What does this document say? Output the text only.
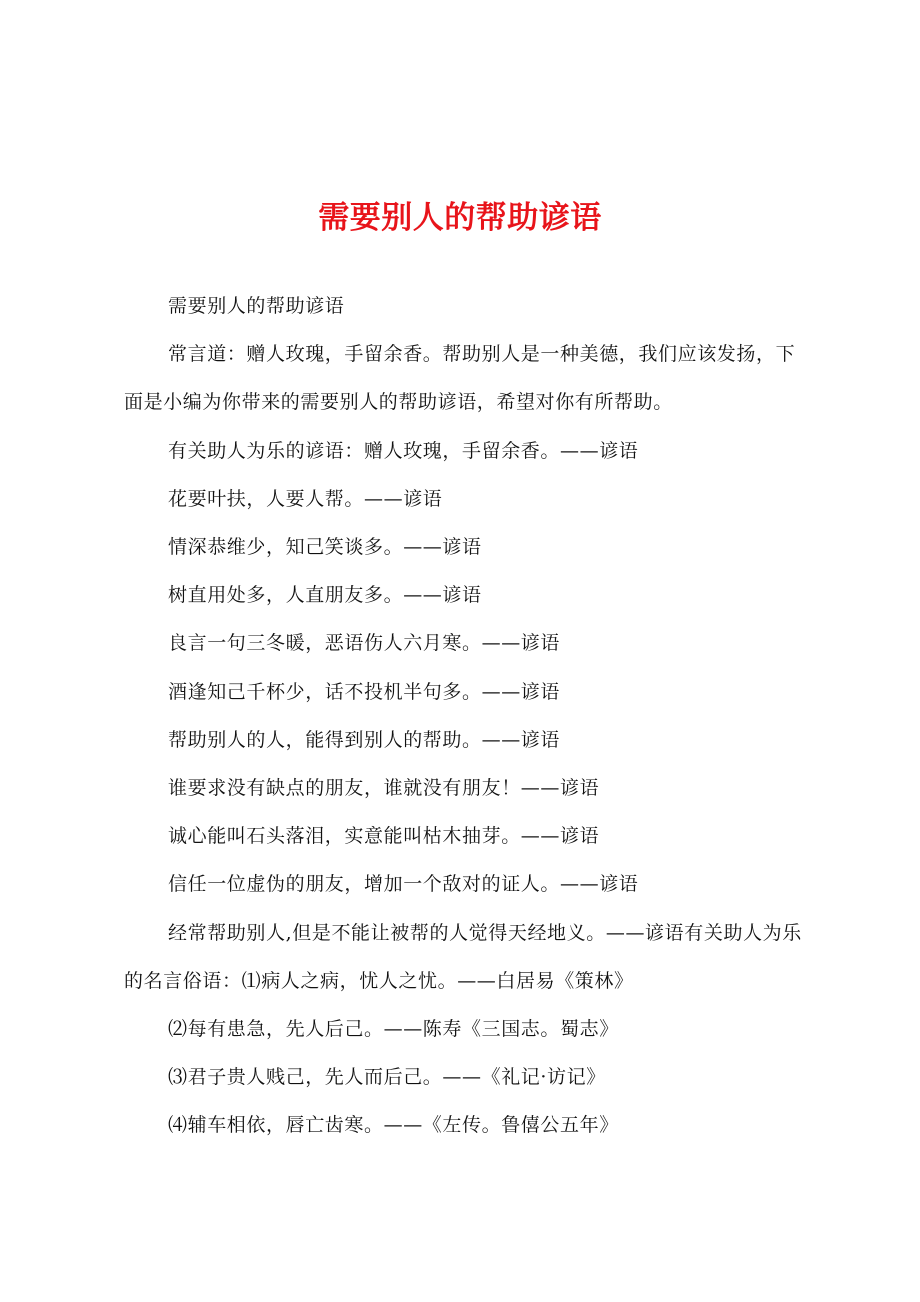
需要别人的帮助谚语

需要别人的帮助谚语

常言道：赠人玫瑰，手留余香。帮助别人是一种美德，我们应该发扬，下面是小编为你带来的需要别人的帮助谚语，希望对你有所帮助。

有关助人为乐的谚语：赠人玫瑰，手留余香。——谚语

花要叶扶，人要人帮。——谚语

情深恭维少，知己笑谈多。——谚语

树直用处多，人直朋友多。——谚语

良言一句三冬暖，恶语伤人六月寒。——谚语

酒逢知己千杯少，话不投机半句多。——谚语

帮助别人的人，能得到别人的帮助。——谚语

谁要求没有缺点的朋友，谁就没有朋友！——谚语

诚心能叫石头落泪，实意能叫枯木抽芽。——谚语

信任一位虚伪的朋友，增加一个敌对的证人。——谚语

经常帮助别人,但是不能让被帮的人觉得天经地义。——谚语有关助人为乐的名言俗语：⑴病人之病，忧人之忧。——白居易《策林》

⑵每有患急，先人后己。——陈寿《三国志。蜀志》

⑶君子贵人贱己，先人而后己。——《礼记·访记》

⑷辅车相依，唇亡齿寒。——《左传。鲁僖公五年》
